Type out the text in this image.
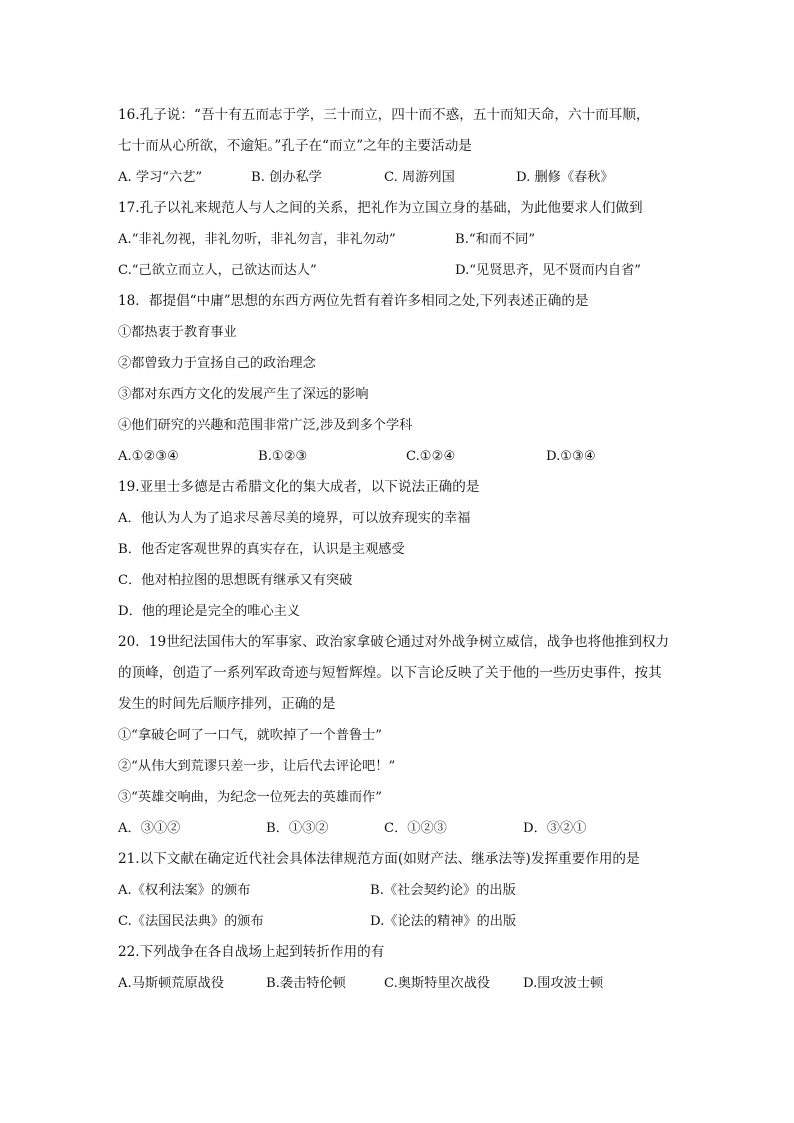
16.孔子说：“吾十有五而志于学，三十而立，四十而不惑，五十而知天命，六十而耳顺，
七十而从心所欲，不逾矩。”孔子在“而立”之年的主要活动是
A. 学习“六艺”	B. 创办私学	C. 周游列国	D. 删修《春秋》
17.孔子以礼来规范人与人之间的关系，把礼作为立国立身的基础，为此他要求人们做到
A.“非礼勿视，非礼勿听，非礼勿言，非礼勿动”	B.“和而不同”
C.“己欲立而立人，己欲达而达人”	D.“见贤思齐，见不贤而内自省”
18．都提倡“中庸”思想的东西方两位先哲有着许多相同之处,下列表述正确的是
①都热衷于教育事业
②都曾致力于宣扬自己的政治理念
③都对东西方文化的发展产生了深远的影响
④他们研究的兴趣和范围非常广泛,涉及到多个学科
A.①②③④	B.①②③	C.①②④	D.①③④
19.亚里士多德是古希腊文化的集大成者，以下说法正确的是
A．他认为人为了追求尽善尽美的境界，可以放弃现实的幸福
B．他否定客观世界的真实存在，认识是主观感受
C．他对柏拉图的思想既有继承又有突破
D．他的理论是完全的唯心主义
20．19世纪法国伟大的军事家、政治家拿破仑通过对外战争树立威信，战争也将他推到权力
的顶峰，创造了一系列军政奇迹与短暂辉煌。以下言论反映了关于他的一些历史事件，按其
发生的时间先后顺序排列，正确的是
①“拿破仑呵了一口气，就吹掉了一个普鲁士”
②“从伟大到荒谬只差一步，让后代去评论吧！”
③“英雄交响曲，为纪念一位死去的英雄而作”
A．③①②	B．①③②	C．①②③	D．③②①
21.以下文献在确定近代社会具体法律规范方面(如财产法、继承法等)发挥重要作用的是
A.《权利法案》的颁布	B.《社会契约论》的出版
C.《法国民法典》的颁布	D.《论法的精神》的出版
22.下列战争在各自战场上起到转折作用的有
A.马斯顿荒原战役	B.袭击特伦顿	C.奥斯特里次战役	D.围攻波士顿
